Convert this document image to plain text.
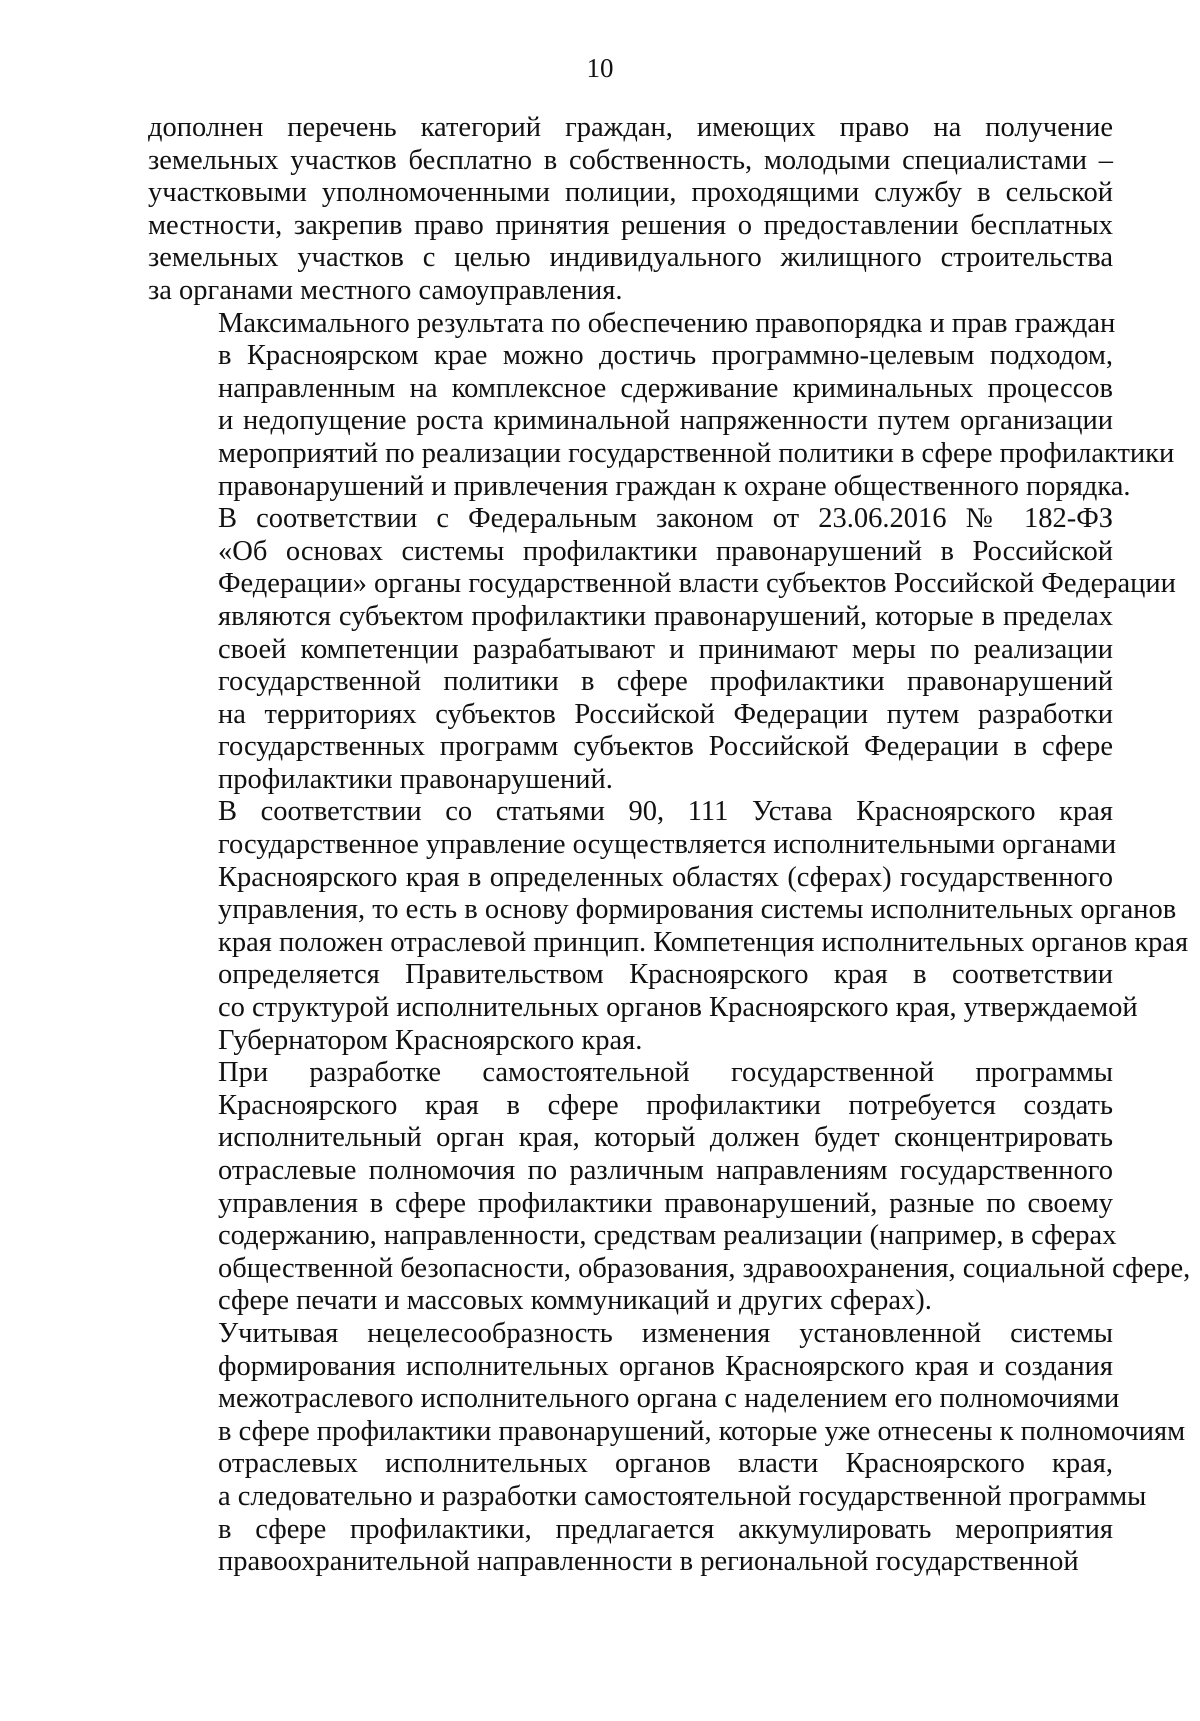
10

дополнен перечень категорий граждан, имеющих право на получение
земельных участков бесплатно в собственность, молодыми специалистами –
участковыми уполномоченными полиции, проходящими службу в сельской
местности, закрепив право принятия решения о предоставлении бесплатных
земельных участков с целью индивидуального жилищного строительства
за органами местного самоуправления.

Максимального результата по обеспечению правопорядка и прав граждан
в Красноярском крае можно достичь программно-целевым подходом,
направленным на комплексное сдерживание криминальных процессов
и недопущение роста криминальной напряженности путем организации
мероприятий по реализации государственной политики в сфере профилактики
правонарушений и привлечения граждан к охране общественного порядка.

В соответствии с Федеральным законом от 23.06.2016 № 182-ФЗ
«Об основах системы профилактики правонарушений в Российской
Федерации» органы государственной власти субъектов Российской Федерации
являются субъектом профилактики правонарушений, которые в пределах
своей компетенции разрабатывают и принимают меры по реализации
государственной политики в сфере профилактики правонарушений
на территориях субъектов Российской Федерации путем разработки
государственных программ субъектов Российской Федерации в сфере
профилактики правонарушений.

В соответствии со статьями 90, 111 Устава Красноярского края
государственное управление осуществляется исполнительными органами
Красноярского края в определенных областях (сферах) государственного
управления, то есть в основу формирования системы исполнительных органов
края положен отраслевой принцип. Компетенция исполнительных органов края
определяется Правительством Красноярского края в соответствии
со структурой исполнительных органов Красноярского края, утверждаемой
Губернатором Красноярского края.

При разработке самостоятельной государственной программы
Красноярского края в сфере профилактики потребуется создать
исполнительный орган края, который должен будет сконцентрировать
отраслевые полномочия по различным направлениям государственного
управления в сфере профилактики правонарушений, разные по своему
содержанию, направленности, средствам реализации (например, в сферах
общественной безопасности, образования, здравоохранения, социальной сфере,
сфере печати и массовых коммуникаций и других сферах).

Учитывая нецелесообразность изменения установленной системы
формирования исполнительных органов Красноярского края и создания
межотраслевого исполнительного органа с наделением его полномочиями
в сфере профилактики правонарушений, которые уже отнесены к полномочиям
отраслевых исполнительных органов власти Красноярского края,
а следовательно и разработки самостоятельной государственной программы
в сфере профилактики, предлагается аккумулировать мероприятия
правоохранительной направленности в региональной государственной
